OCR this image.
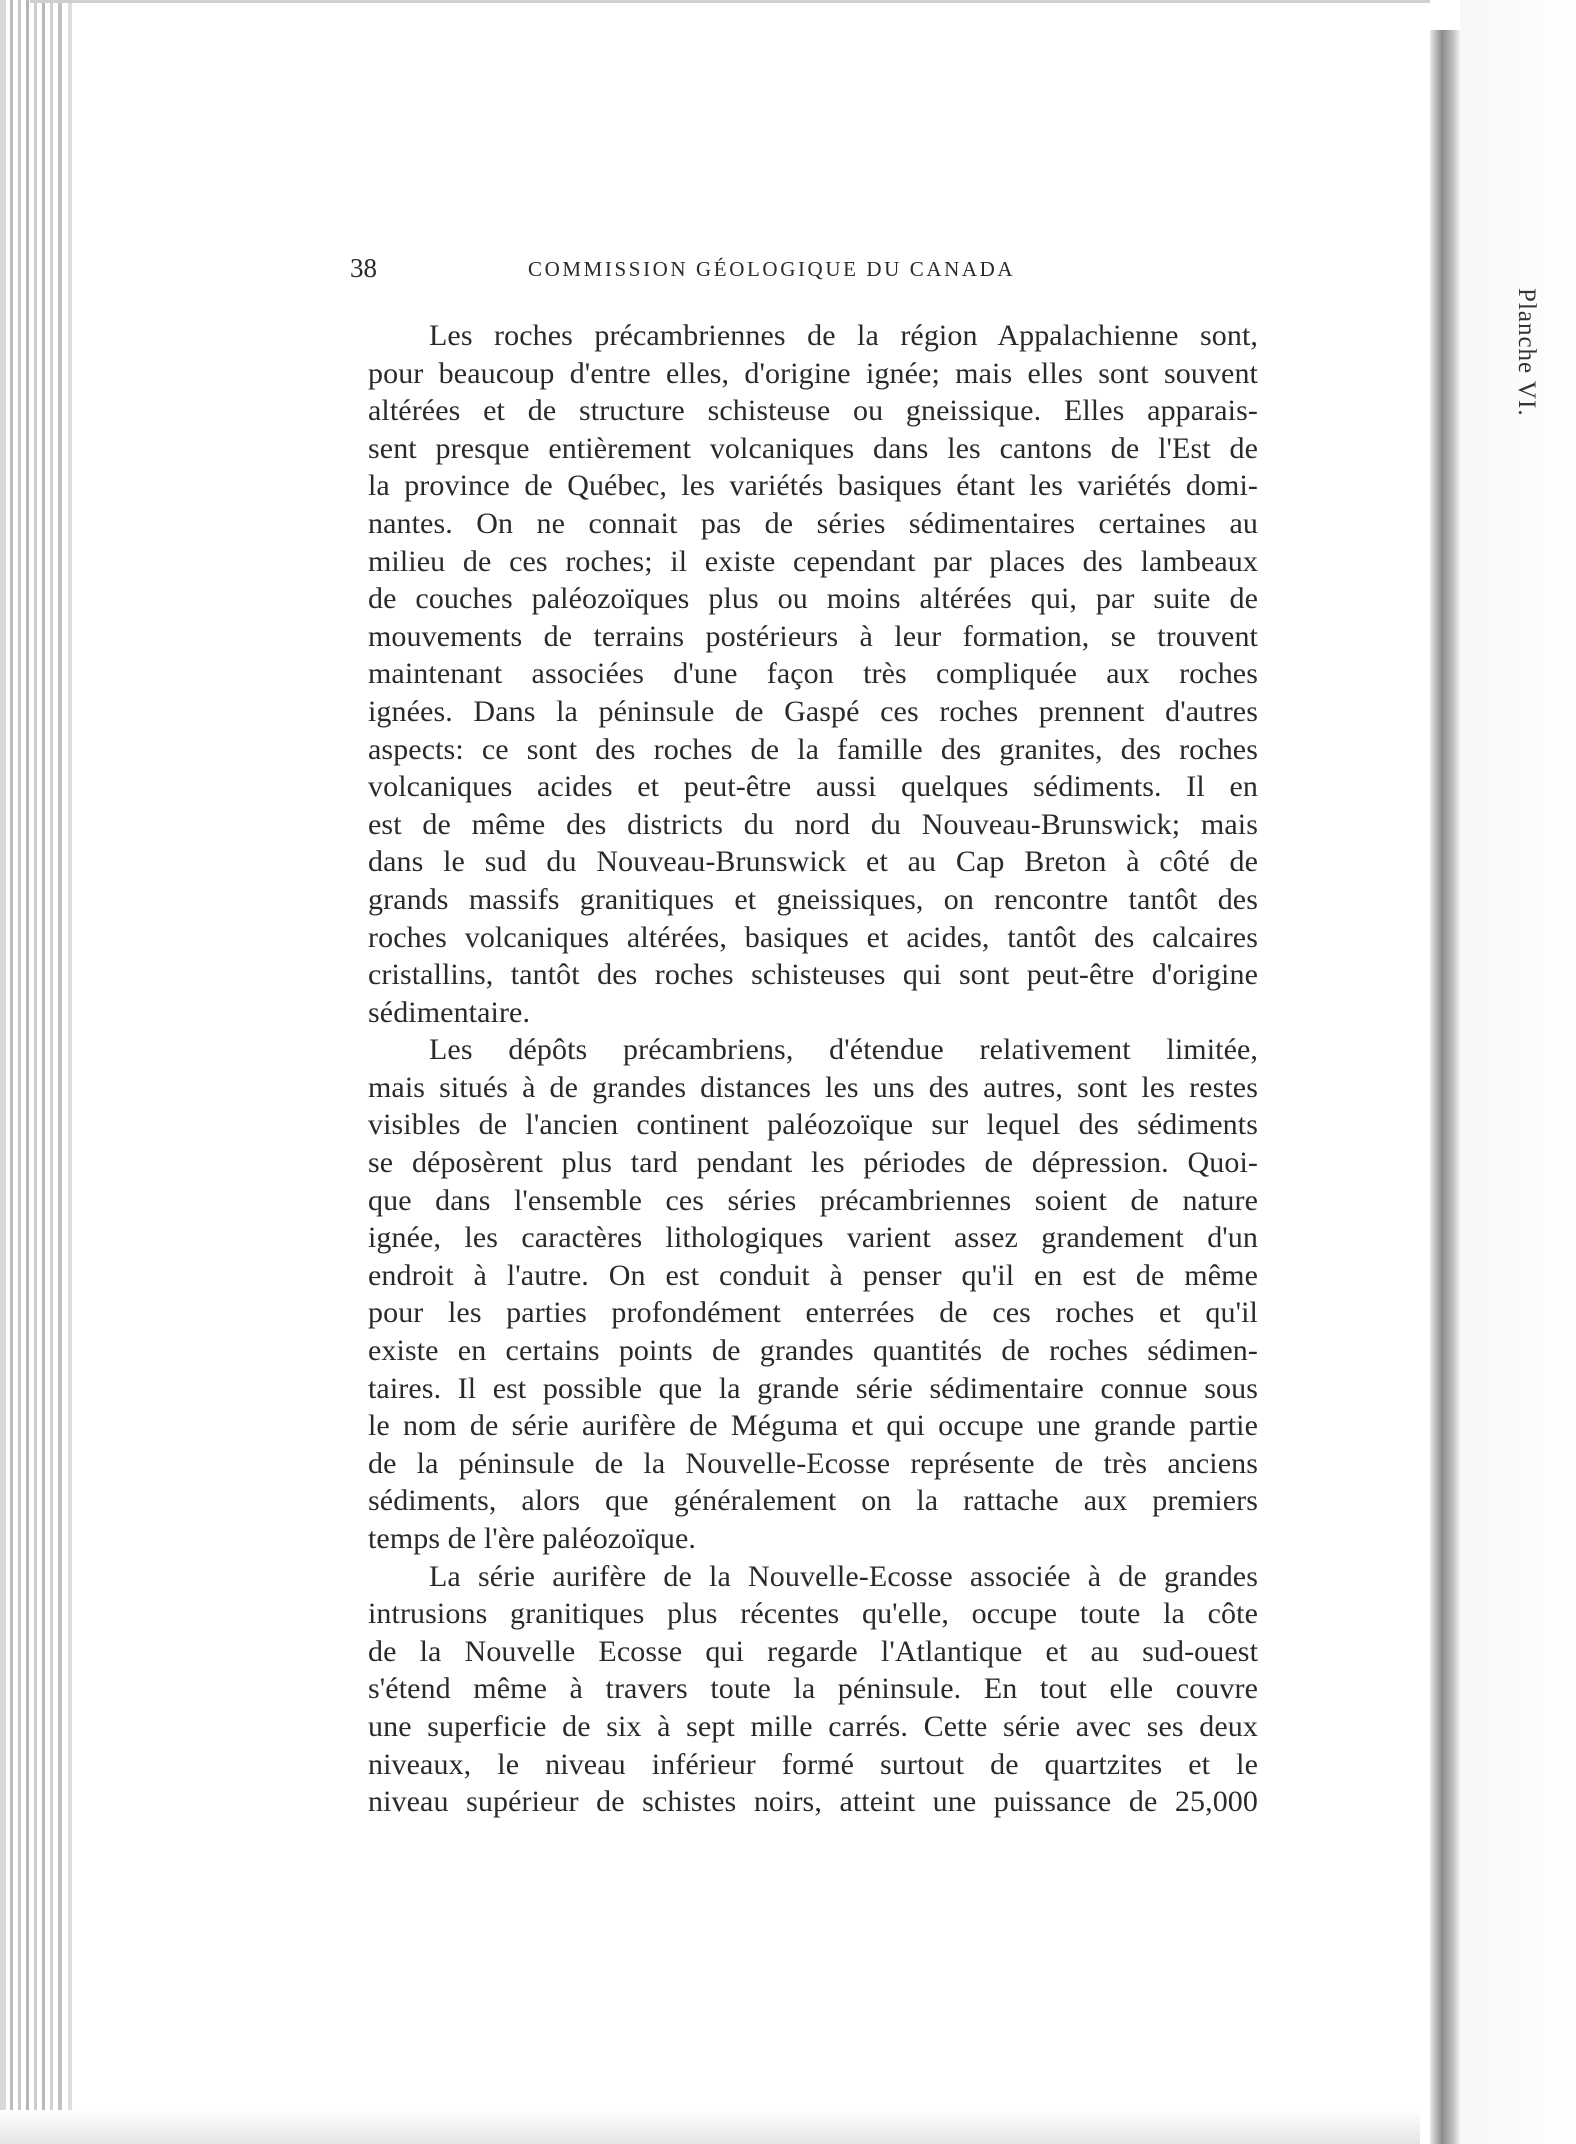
Planche VI.
38	COMMISSION GÉOLOGIQUE DU CANADA
Les roches précambriennes de la région Appalachienne sont,
pour beaucoup d'entre elles, d'origine ignée; mais elles sont souvent
altérées et de structure schisteuse ou gneissique. Elles apparais-
sent presque entièrement volcaniques dans les cantons de l'Est de
la province de Québec, les variétés basiques étant les variétés domi-
nantes. On ne connait pas de séries sédimentaires certaines au
milieu de ces roches; il existe cependant par places des lambeaux
de couches paléozoïques plus ou moins altérées qui, par suite de
mouvements de terrains postérieurs à leur formation, se trouvent
maintenant associées d'une façon très compliquée aux roches
ignées. Dans la péninsule de Gaspé ces roches prennent d'autres
aspects: ce sont des roches de la famille des granites, des roches
volcaniques acides et peut-être aussi quelques sédiments. Il en
est de même des districts du nord du Nouveau-Brunswick; mais
dans le sud du Nouveau-Brunswick et au Cap Breton à côté de
grands massifs granitiques et gneissiques, on rencontre tantôt des
roches volcaniques altérées, basiques et acides, tantôt des calcaires
cristallins, tantôt des roches schisteuses qui sont peut-être d'origine
sédimentaire.
Les dépôts précambriens, d'étendue relativement limitée,
mais situés à de grandes distances les uns des autres, sont les restes
visibles de l'ancien continent paléozoïque sur lequel des sédiments
se déposèrent plus tard pendant les périodes de dépression. Quoi-
que dans l'ensemble ces séries précambriennes soient de nature
ignée, les caractères lithologiques varient assez grandement d'un
endroit à l'autre. On est conduit à penser qu'il en est de même
pour les parties profondément enterrées de ces roches et qu'il
existe en certains points de grandes quantités de roches sédimen-
taires. Il est possible que la grande série sédimentaire connue sous
le nom de série aurifère de Méguma et qui occupe une grande partie
de la péninsule de la Nouvelle-Ecosse représente de très anciens
sédiments, alors que généralement on la rattache aux premiers
temps de l'ère paléozoïque.
La série aurifère de la Nouvelle-Ecosse associée à de grandes
intrusions granitiques plus récentes qu'elle, occupe toute la côte
de la Nouvelle Ecosse qui regarde l'Atlantique et au sud-ouest
s'étend même à travers toute la péninsule. En tout elle couvre
une superficie de six à sept mille carrés. Cette série avec ses deux
niveaux, le niveau inférieur formé surtout de quartzites et le
niveau supérieur de schistes noirs, atteint une puissance de 25,000
